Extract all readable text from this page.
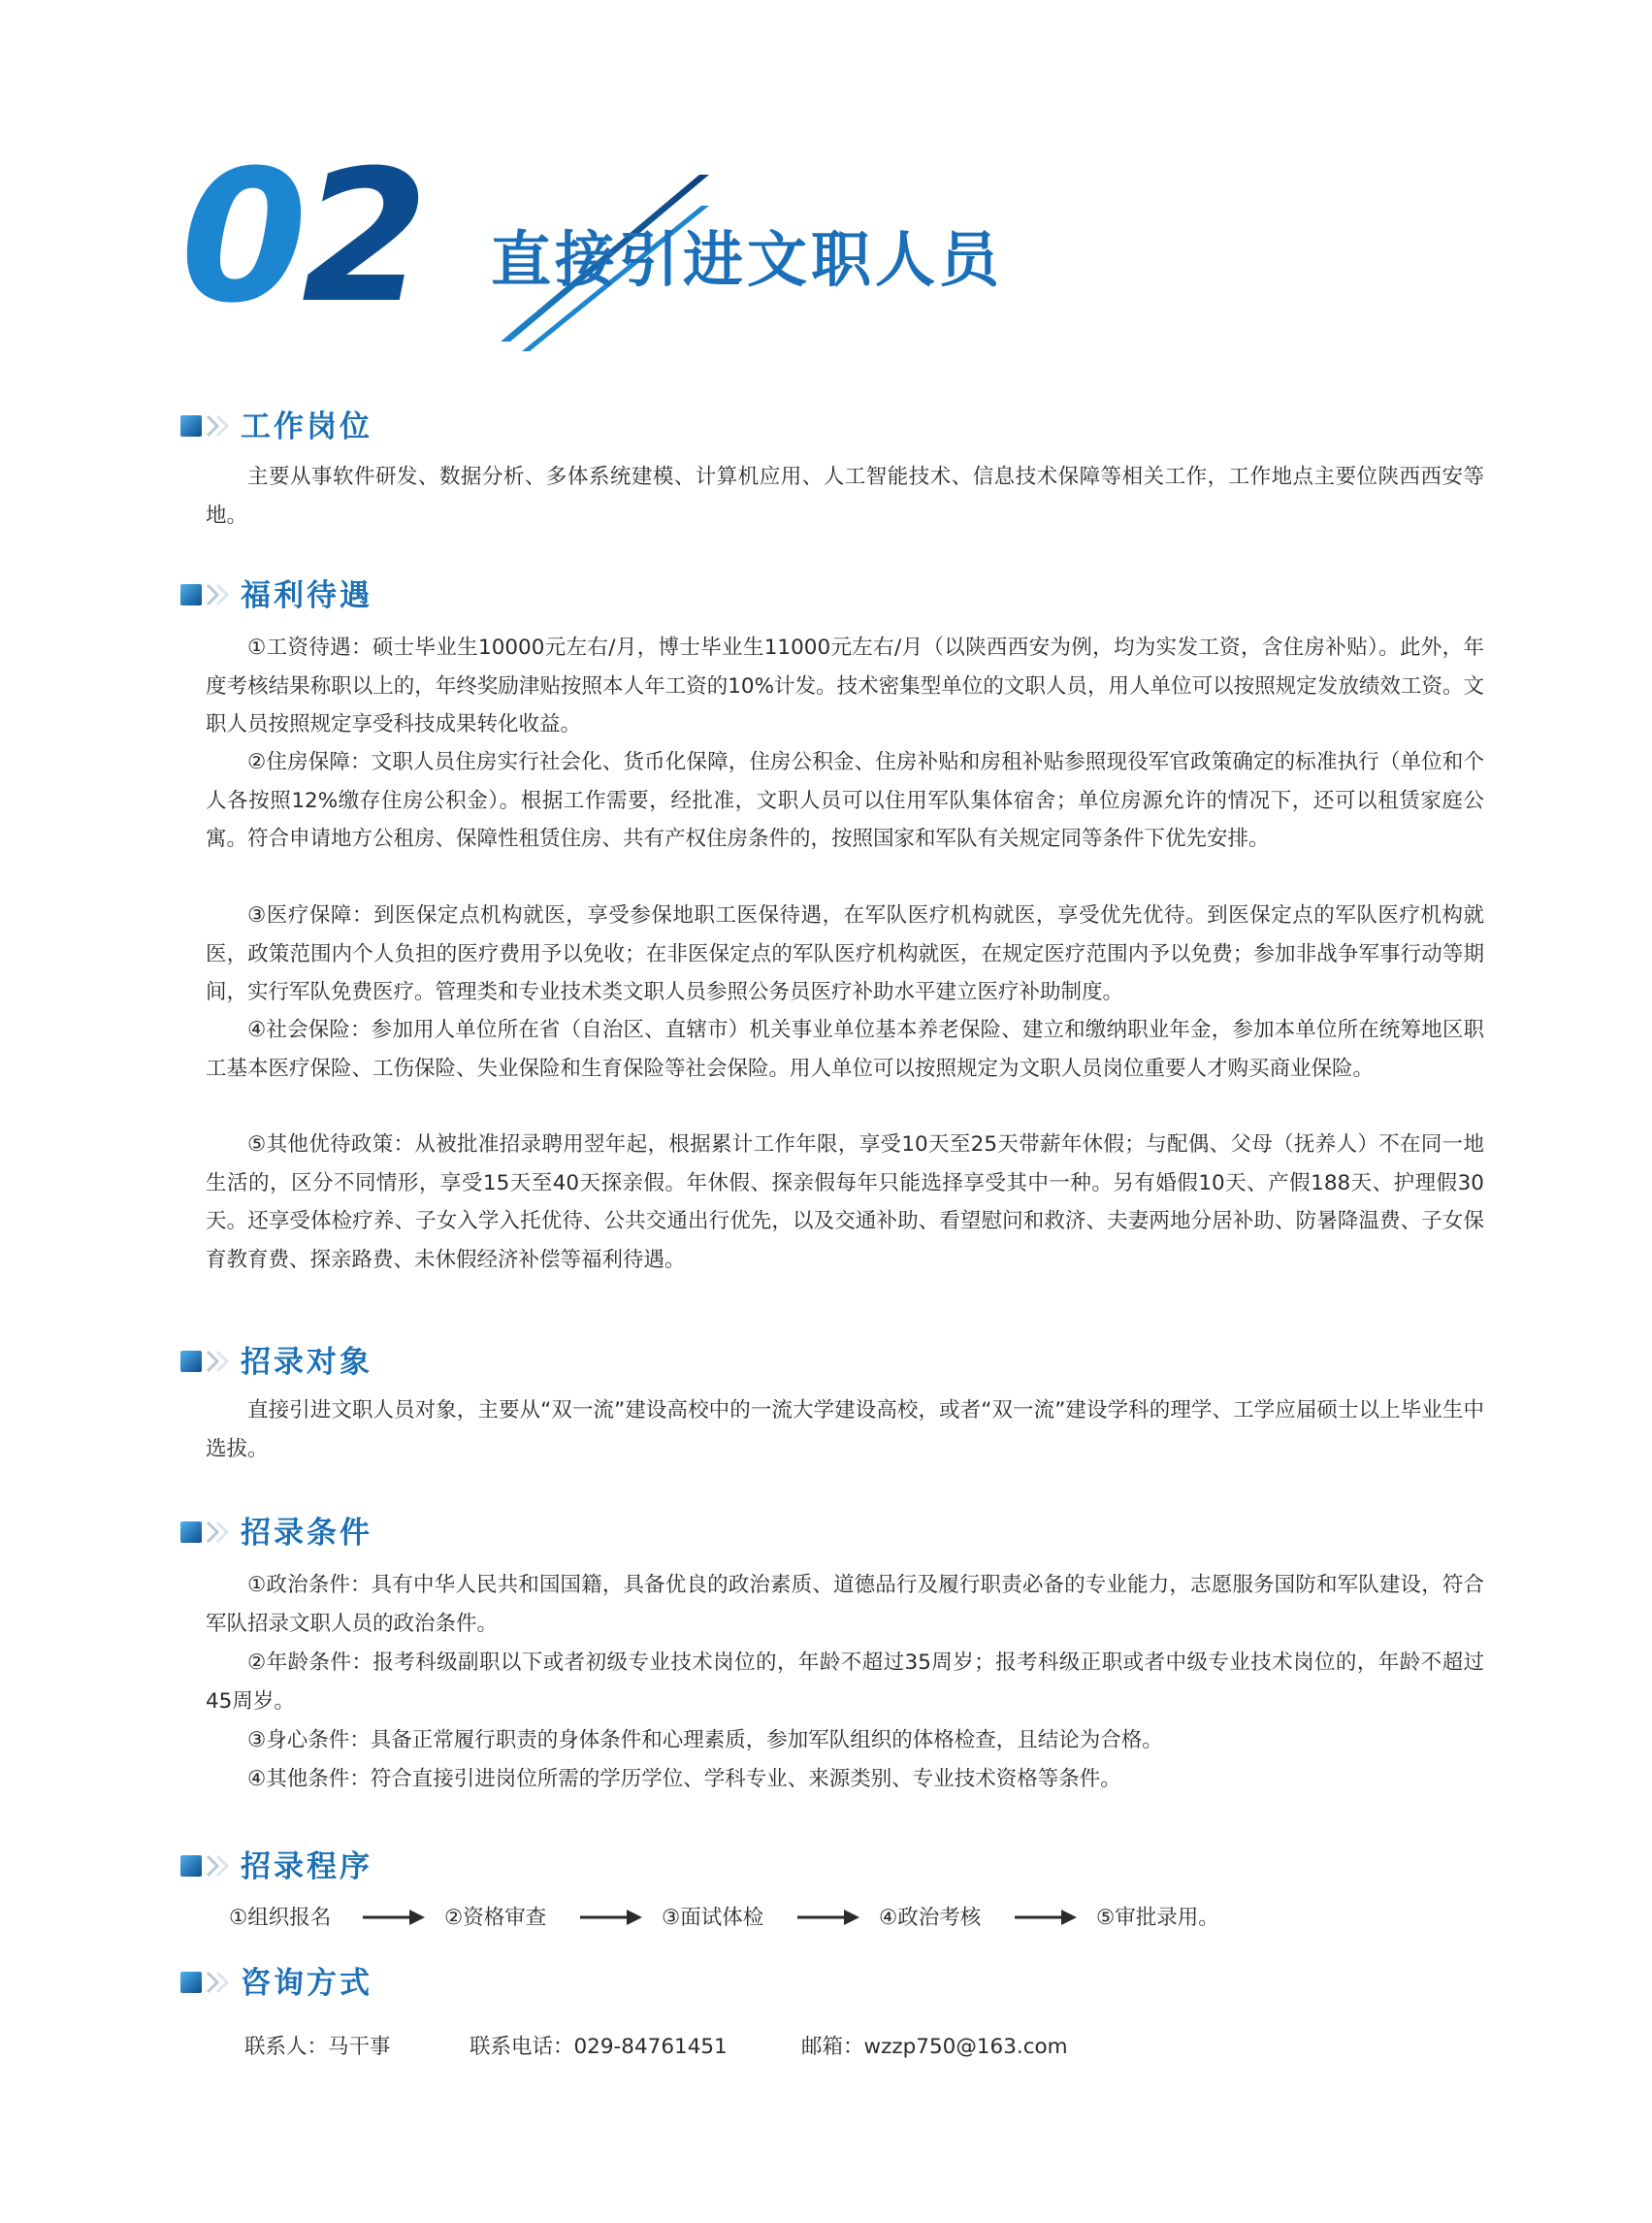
02 直接引进文职人员
工作岗位

主要从事软件研发、数据分析、多体系统建模、计算机应用、人工智能技术、信息技术保障等相关工作，工作地点主要位陕西西安等地。

福利待遇

①工资待遇：硕士毕业生10000元左右/月，博士毕业生11000元左右/月（以陕西西安为例，均为实发工资，含住房补贴）。此外，年度考核结果称职以上的，年终奖励津贴按照本人年工资的10%计发。技术密集型单位的文职人员，用人单位可以按照规定发放绩效工资。文职人员按照规定享受科技成果转化收益。

②住房保障：文职人员住房实行社会化、货币化保障，住房公积金、住房补贴和房租补贴参照现役军官政策确定的标准执行（单位和个人各按照12%缴存住房公积金）。根据工作需要，经批准，文职人员可以住用军队集体宿舍；单位房源允许的情况下，还可以租赁家庭公寓。符合申请地方公租房、保障性租赁住房、共有产权住房条件的，按照国家和军队有关规定同等条件下优先安排。

③医疗保障：到医保定点机构就医，享受参保地职工医保待遇，在军队医疗机构就医，享受优先优待。到医保定点的军队医疗机构就医，政策范围内个人负担的医疗费用予以免收；在非医保定点的军队医疗机构就医，在规定医疗范围内予以免费；参加非战争军事行动等期间，实行军队免费医疗。管理类和专业技术类文职人员参照公务员医疗补助水平建立医疗补助制度。

④社会保险：参加用人单位所在省（自治区、直辖市）机关事业单位基本养老保险、建立和缴纳职业年金，参加本单位所在统筹地区职工基本医疗保险、工伤保险、失业保险和生育保险等社会保险。用人单位可以按照规定为文职人员岗位重要人才购买商业保险。

⑤其他优待政策：从被批准招录聘用翌年起，根据累计工作年限，享受10天至25天带薪年休假；与配偶、父母（抚养人）不在同一地生活的，区分不同情形，享受15天至40天探亲假。年休假、探亲假每年只能选择享受其中一种。另有婚假10天、产假188天、护理假30天。还享受体检疗养、子女入学入托优待、公共交通出行优先，以及交通补助、看望慰问和救济、夫妻两地分居补助、防暑降温费、子女保育教育费、探亲路费、未休假经济补偿等福利待遇。

招录对象

直接引进文职人员对象，主要从“双一流”建设高校中的一流大学建设高校，或者“双一流”建设学科的理学、工学应届硕士以上毕业生中选拔。

招录条件

①政治条件：具有中华人民共和国国籍，具备优良的政治素质、道德品行及履行职责必备的专业能力，志愿服务国防和军队建设，符合军队招录文职人员的政治条件。

②年龄条件：报考科级副职以下或者初级专业技术岗位的，年龄不超过35周岁；报考科级正职或者中级专业技术岗位的，年龄不超过45周岁。

③身心条件：具备正常履行职责的身体条件和心理素质，参加军队组织的体格检查，且结论为合格。

④其他条件：符合直接引进岗位所需的学历学位、学科专业、来源类别、专业技术资格等条件。

招录程序
①组织报名	②资格审查	③面试体检	④政治考核	⑤审批录用。
咨询方式
联系人：马干事	联系电话：029-84761451	邮箱：wzzp750@163.com
